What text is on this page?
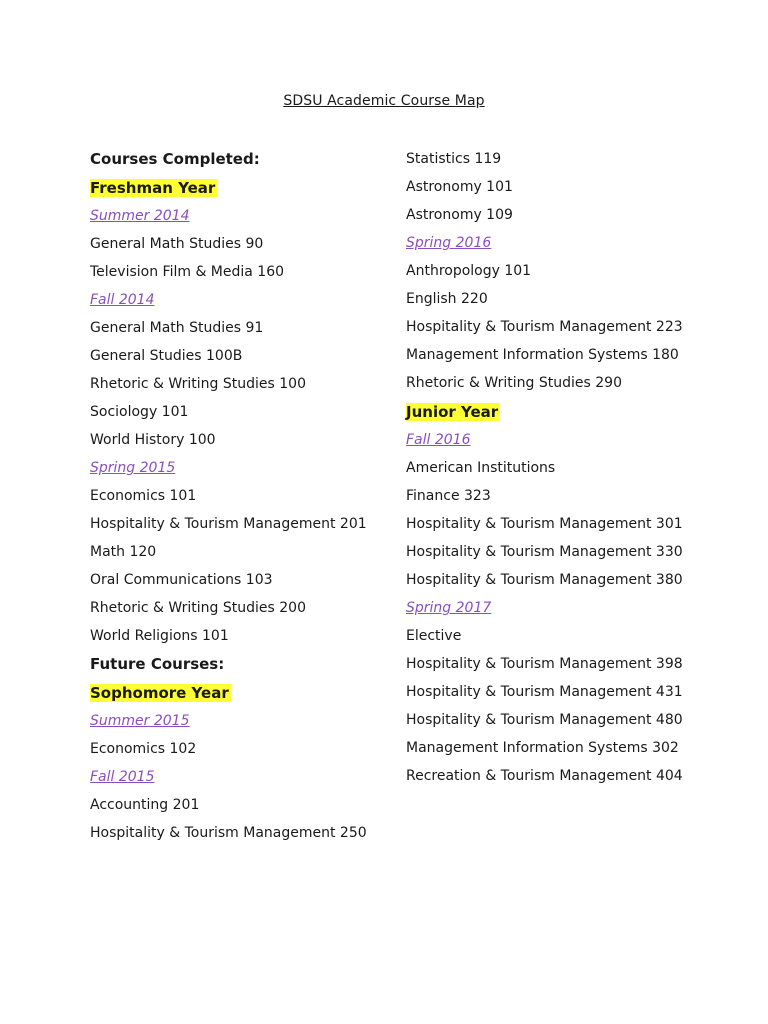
SDSU Academic Course Map
Courses Completed:
Freshman Year
Summer 2014
General Math Studies 90
Television Film & Media 160
Fall 2014
General Math Studies 91
General Studies 100B
Rhetoric & Writing Studies 100
Sociology 101
World History 100
Spring 2015
Economics 101
Hospitality & Tourism Management 201
Math 120
Oral Communications 103
Rhetoric & Writing Studies 200
World Religions 101
Future Courses:
Sophomore Year
Summer 2015
Economics 102
Fall 2015
Accounting 201
Hospitality & Tourism Management 250
Statistics 119
Astronomy 101
Astronomy 109
Spring 2016
Anthropology 101
English 220
Hospitality & Tourism Management 223
Management Information Systems 180
Rhetoric & Writing Studies 290
Junior Year
Fall 2016
American Institutions
Finance 323
Hospitality & Tourism Management 301
Hospitality & Tourism Management 330
Hospitality & Tourism Management 380
Spring 2017
Elective
Hospitality & Tourism Management 398
Hospitality & Tourism Management 431
Hospitality & Tourism Management 480
Management Information Systems 302
Recreation & Tourism Management 404
